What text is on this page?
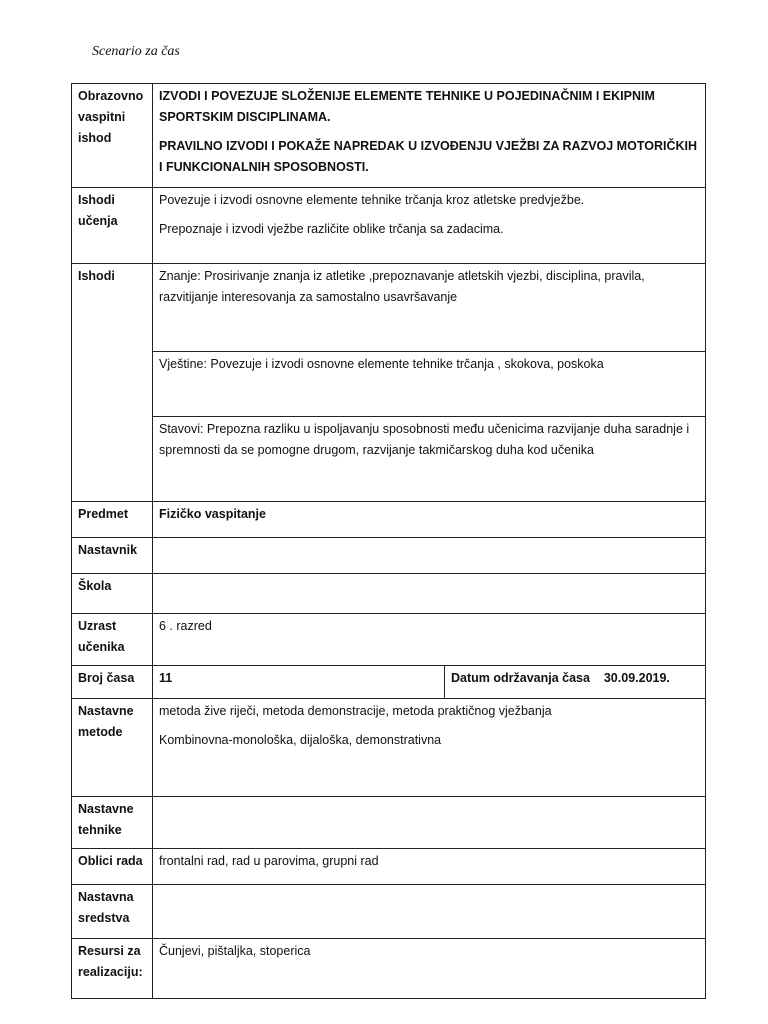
Scenario za čas
Obrazovno vaspitni ishod	IZVODI I POVEZUJE SLOŽENIJE ELEMENTE TEHNIKE U POJEDINAČNIM I EKIPNIM SPORTSKIM DISCIPLINAMA.

PRAVILNO IZVODI I POKAŽE NAPREDAK U IZVOĐENJU VJEŽBI ZA RAZVOJ MOTORIČKIH I FUNKCIONALNIH SPOSOBNOSTI.	

Ishodi učenja	Povezuje i izvodi osnovne elemente tehnike trčanja kroz atletske predvježbe.

Prepoznaje i izvodi vježbe različite oblike trčanja sa zadacima.	

Ishodi	Znanje: Prosirivanje znanja iz atletike ,prepoznavanje atletskih vjezbi, disciplina, pravila, razvitijanje interesovanja za samostalno usavršavanje	
	Vještine: Povezuje i izvodi osnovne elemente tehnike trčanja , skokova, poskoka	
	Stavovi: Prepozna razliku u ispoljavanju sposobnosti među učenicima razvijanje duha saradnje i spremnosti da se pomogne drugom, razvijanje takmičarskog duha kod učenika	
Predmet	Fizičko vaspitanje	
Nastavnik		
Škola		
Uzrast učenika	6 . razred	
Broj časa	11	Datum održavanja časa 30.09.2019.
Nastavne metode	metoda žive riječi, metoda demonstracije, metoda praktičnog vježbanja

Kombinovna-monološka, dijaloška, demonstrativna	

Nastavne tehnike		
Oblici rada	frontalni rad, rad u parovima, grupni rad	
Nastavna sredstva		
Resursi za realizaciju:	Čunjevi, pištaljka, stoperica	
